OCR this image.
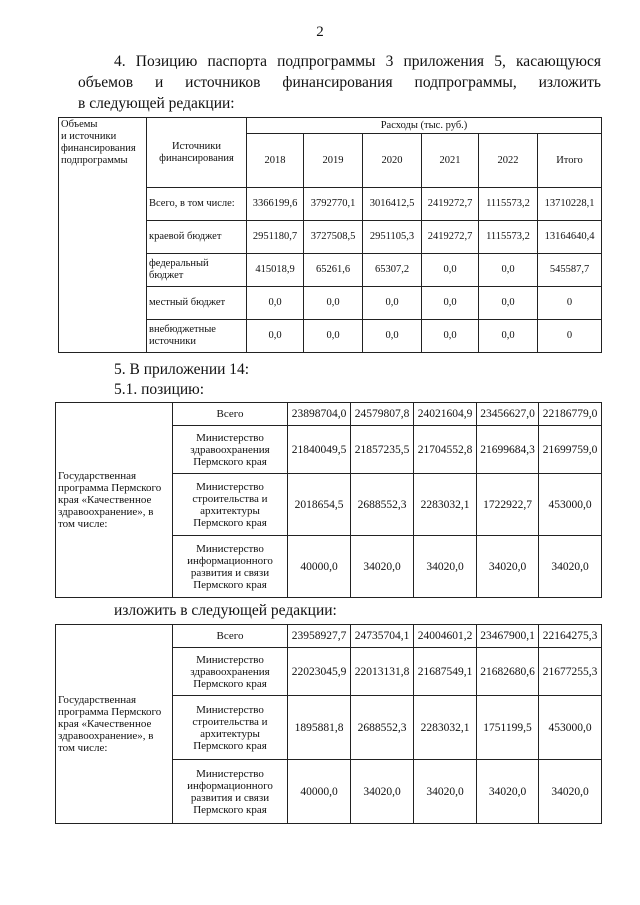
2
4. Позицию паспорта подпрограммы 3 приложения 5, касающуюся
объемов и источников финансирования подпрограммы, изложить
в следующей редакции:
Объемы
и источники
финансирования
подпрограммы	Источники финансирования	Расходы (тыс. руб.)					
		2018	2019	2020	2021	2022	Итого
	Всего, в том числе:	3366199,6	3792770,1	3016412,5	2419272,7	1115573,2	13710228,1
	краевой бюджет	2951180,7	3727508,5	2951105,3	2419272,7	1115573,2	13164640,4
	федеральный бюджет	415018,9	65261,6	65307,2	0,0	0,0	545587,7
	местный бюджет	0,0	0,0	0,0	0,0	0,0	0
	внебюджетные источники	0,0	0,0	0,0	0,0	0,0	0
5. В приложении 14:
5.1. позицию:
Государственная программа Пермского края «Качественное здравоохранение», в том числе:	Всего	23898704,0	24579807,8	24021604,9	23456627,0	22186779,0
	Министерство здравоохранения Пермского края	21840049,5	21857235,5	21704552,8	21699684,3	21699759,0
	Министерство строительства и архитектуры Пермского края	2018654,5	2688552,3	2283032,1	1722922,7	453000,0
	Министерство информационного развития и связи Пермского края	40000,0	34020,0	34020,0	34020,0	34020,0
изложить в следующей редакции:
Государственная программа Пермского края «Качественное здравоохранение», в том числе:	Всего	23958927,7	24735704,1	24004601,2	23467900,1	22164275,3
	Министерство здравоохранения Пермского края	22023045,9	22013131,8	21687549,1	21682680,6	21677255,3
	Министерство строительства и архитектуры Пермского края	1895881,8	2688552,3	2283032,1	1751199,5	453000,0
	Министерство информационного развития и связи Пермского края	40000,0	34020,0	34020,0	34020,0	34020,0
